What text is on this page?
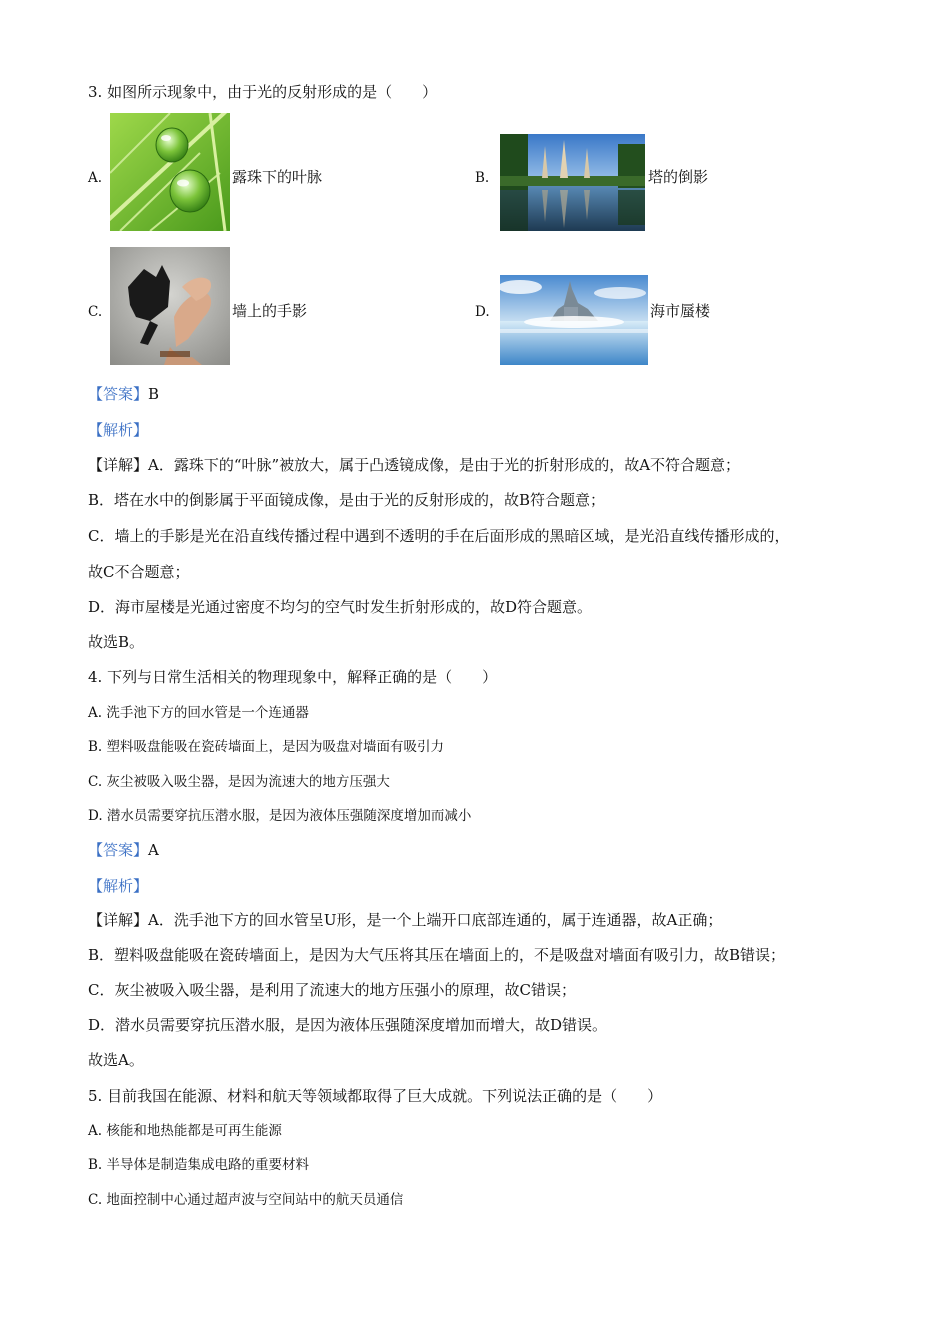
3. 如图所示现象中，由于光的反射形成的是（　　）
A.	露珠下的叶脉	B.	塔的倒影
C.	墙上的手影	D.	海市蜃楼
【答案】B
【解析】
【详解】A．露珠下的“叶脉”被放大，属于凸透镜成像，是由于光的折射形成的，故A不符合题意；
B．塔在水中的倒影属于平面镜成像，是由于光的反射形成的，故B符合题意；
C．墙上的手影是光在沿直线传播过程中遇到不透明的手在后面形成的黑暗区域，是光沿直线传播形成的，
故C不合题意；
D．海市屋楼是光通过密度不均匀的空气时发生折射形成的，故D符合题意。
故选B。
4. 下列与日常生活相关的物理现象中，解释正确的是（　　）
A. 洗手池下方的回水管是一个连通器
B. 塑料吸盘能吸在瓷砖墙面上，是因为吸盘对墙面有吸引力
C. 灰尘被吸入吸尘器，是因为流速大的地方压强大
D. 潜水员需要穿抗压潜水服，是因为液体压强随深度增加而减小
【答案】A
【解析】
【详解】A．洗手池下方的回水管呈U形，是一个上端开口底部连通的，属于连通器，故A正确；
B．塑料吸盘能吸在瓷砖墙面上，是因为大气压将其压在墙面上的，不是吸盘对墙面有吸引力，故B错误；
C．灰尘被吸入吸尘器，是利用了流速大的地方压强小的原理，故C错误；
D．潜水员需要穿抗压潜水服，是因为液体压强随深度增加而增大，故D错误。
故选A。
5. 目前我国在能源、材料和航天等领域都取得了巨大成就。下列说法正确的是（　　）
A. 核能和地热能都是可再生能源
B. 半导体是制造集成电路的重要材料
C. 地面控制中心通过超声波与空间站中的航天员通信
